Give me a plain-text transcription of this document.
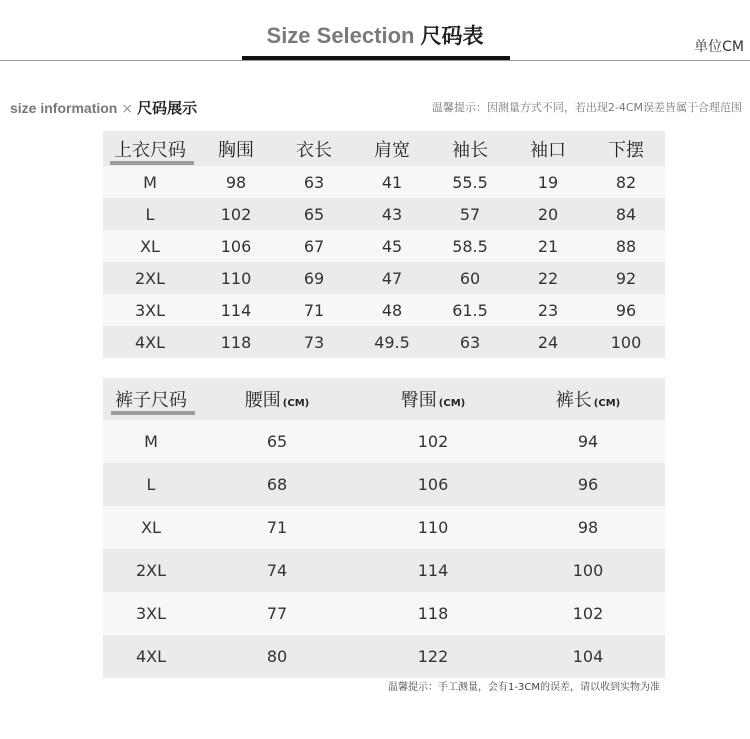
Size Selection 尺码表	单位CM
size information × 尺码展示	温馨提示：因测量方式不同，若出现2-4CM误差皆属于合理范围
上衣尺码	胸围	衣长	肩宽	袖长	袖口	下摆
M	98	63	41	55.5	19	82
L	102	65	43	57	20	84
XL	106	67	45	58.5	21	88
2XL	110	69	47	60	22	92
3XL	114	71	48	61.5	23	96
4XL	118	73	49.5	63	24	100
裤子尺码	腰围 (CM)	臀围 (CM)	裤长 (CM)
M	65	102	94
L	68	106	96
XL	71	110	98
2XL	74	114	100
3XL	77	118	102
4XL	80	122	104
温馨提示：手工测量，会有1-3CM的误差，请以收到实物为准
